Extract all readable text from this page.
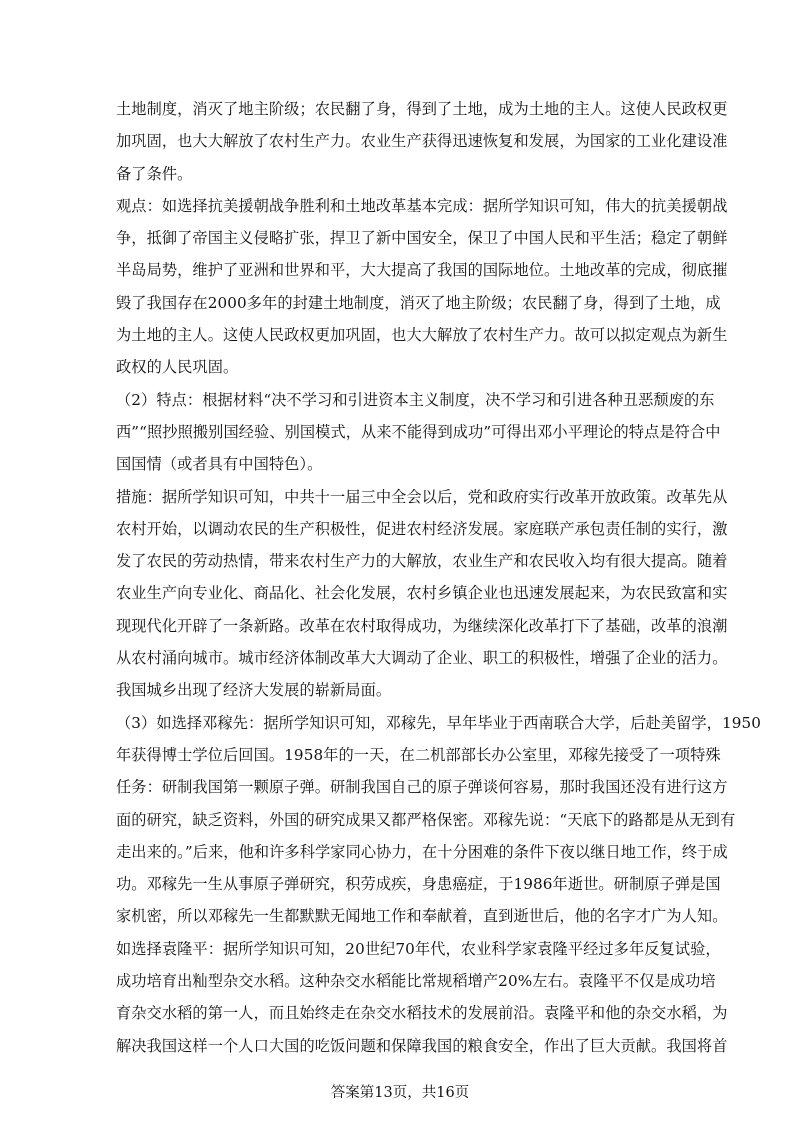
土地制度，消灭了地主阶级；农民翻了身，得到了土地，成为土地的主人。这使人民政权更
加巩固，也大大解放了农村生产力。农业生产获得迅速恢复和发展，为国家的工业化建设准
备了条件。
观点：如选择抗美援朝战争胜利和土地改革基本完成：据所学知识可知，伟大的抗美援朝战
争，抵御了帝国主义侵略扩张，捍卫了新中国安全，保卫了中国人民和平生活；稳定了朝鲜
半岛局势，维护了亚洲和世界和平，大大提高了我国的国际地位。土地改革的完成，彻底摧
毁了我国存在2000多年的封建土地制度，消灭了地主阶级；农民翻了身，得到了土地，成
为土地的主人。这使人民政权更加巩固，也大大解放了农村生产力。故可以拟定观点为新生
政权的人民巩固。
（2）特点：根据材料“决不学习和引进资本主义制度，决不学习和引进各种丑恶颓废的东
西”“照抄照搬别国经验、别国模式，从来不能得到成功”可得出邓小平理论的特点是符合中
国国情（或者具有中国特色）。
措施：据所学知识可知，中共十一届三中全会以后，党和政府实行改革开放政策。改革先从
农村开始，以调动农民的生产积极性，促进农村经济发展。家庭联产承包责任制的实行，激
发了农民的劳动热情，带来农村生产力的大解放，农业生产和农民收入均有很大提高。随着
农业生产向专业化、商品化、社会化发展，农村乡镇企业也迅速发展起来，为农民致富和实
现现代化开辟了一条新路。改革在农村取得成功，为继续深化改革打下了基础，改革的浪潮
从农村涌向城市。城市经济体制改革大大调动了企业、职工的积极性，增强了企业的活力。
我国城乡出现了经济大发展的崭新局面。
（3）如选择邓稼先：据所学知识可知，邓稼先，早年毕业于西南联合大学，后赴美留学，1950
年获得博士学位后回国。1958年的一天，在二机部部长办公室里，邓稼先接受了一项特殊
任务：研制我国第一颗原子弹。研制我国自己的原子弹谈何容易，那时我国还没有进行这方
面的研究，缺乏资料，外国的研究成果又都严格保密。邓稼先说：“天底下的路都是从无到有
走出来的。”后来，他和许多科学家同心协力，在十分困难的条件下夜以继日地工作，终于成
功。邓稼先一生从事原子弹研究，积劳成疾，身患癌症，于1986年逝世。研制原子弹是国
家机密，所以邓稼先一生都默默无闻地工作和奉献着，直到逝世后，他的名字才广为人知。
如选择袁隆平：据所学知识可知，20世纪70年代，农业科学家袁隆平经过多年反复试验，
成功培育出籼型杂交水稻。这种杂交水稻能比常规稻增产20%左右。袁隆平不仅是成功培
育杂交水稻的第一人，而且始终走在杂交水稻技术的发展前沿。袁隆平和他的杂交水稻，为
解决我国这样一个人口大国的吃饭问题和保障我国的粮食安全，作出了巨大贡献。我国将首
答案第13页，共16页
